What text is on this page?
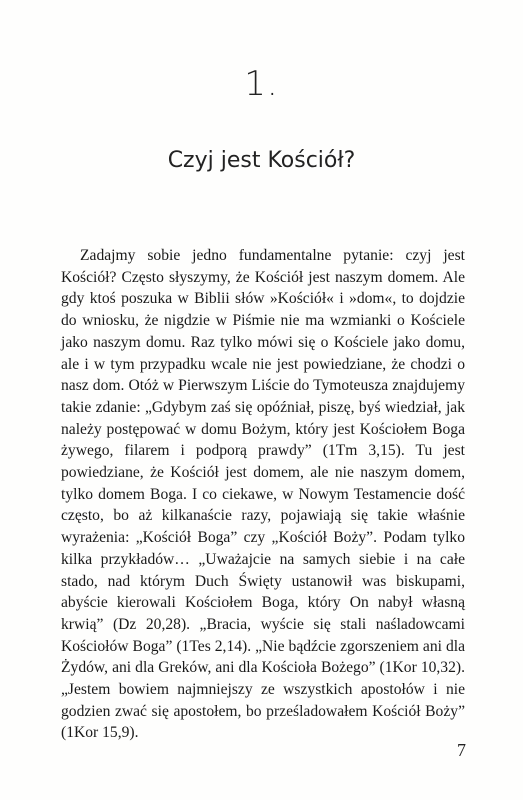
1.
Czyj jest Kościół?

Zadajmy sobie jedno fundamentalne pytanie: czyj jest Kościół? Często słyszymy, że Kościół jest naszym domem. Ale gdy ktoś poszuka w Biblii słów »Kościół« i »dom«, to dojdzie do wniosku, że nigdzie w Piśmie nie ma wzmianki o Kościele jako naszym domu. Raz tylko mówi się o Kościele jako domu, ale i w tym przypadku wcale nie jest powiedziane, że chodzi o nasz dom. Otóż w Pierwszym Liście do Tymoteusza znajdujemy takie zdanie: „Gdybym zaś się opóźniał, piszę, byś wiedział, jak należy postępować w domu Bożym, który jest Kościołem Boga żywego, filarem i podporą prawdy” (1Tm 3,15). Tu jest powiedziane, że Kościół jest domem, ale nie naszym domem, tylko domem Boga. I co ciekawe, w Nowym Testamencie dość często, bo aż kilkanaście razy, pojawiają się takie właśnie wyrażenia: „Kościół Boga” czy „Kościół Boży”. Podam tylko kilka przykładów… „Uważajcie na samych siebie i na całe stado, nad którym Duch Święty ustanowił was biskupami, abyście kierowali Kościołem Boga, który On nabył własną krwią” (Dz 20,28). „Bracia, wyście się stali naśladowcami Kościołów Boga” (1Tes 2,14). „Nie bądźcie zgorszeniem ani dla Żydów, ani dla Greków, ani dla Kościoła Bożego” (1Kor 10,32). „Jestem bowiem najmniejszy ze wszystkich apostołów i nie godzien zwać się apostołem, bo prześladowałem Kościół Boży” (1Kor 15,9).

7
